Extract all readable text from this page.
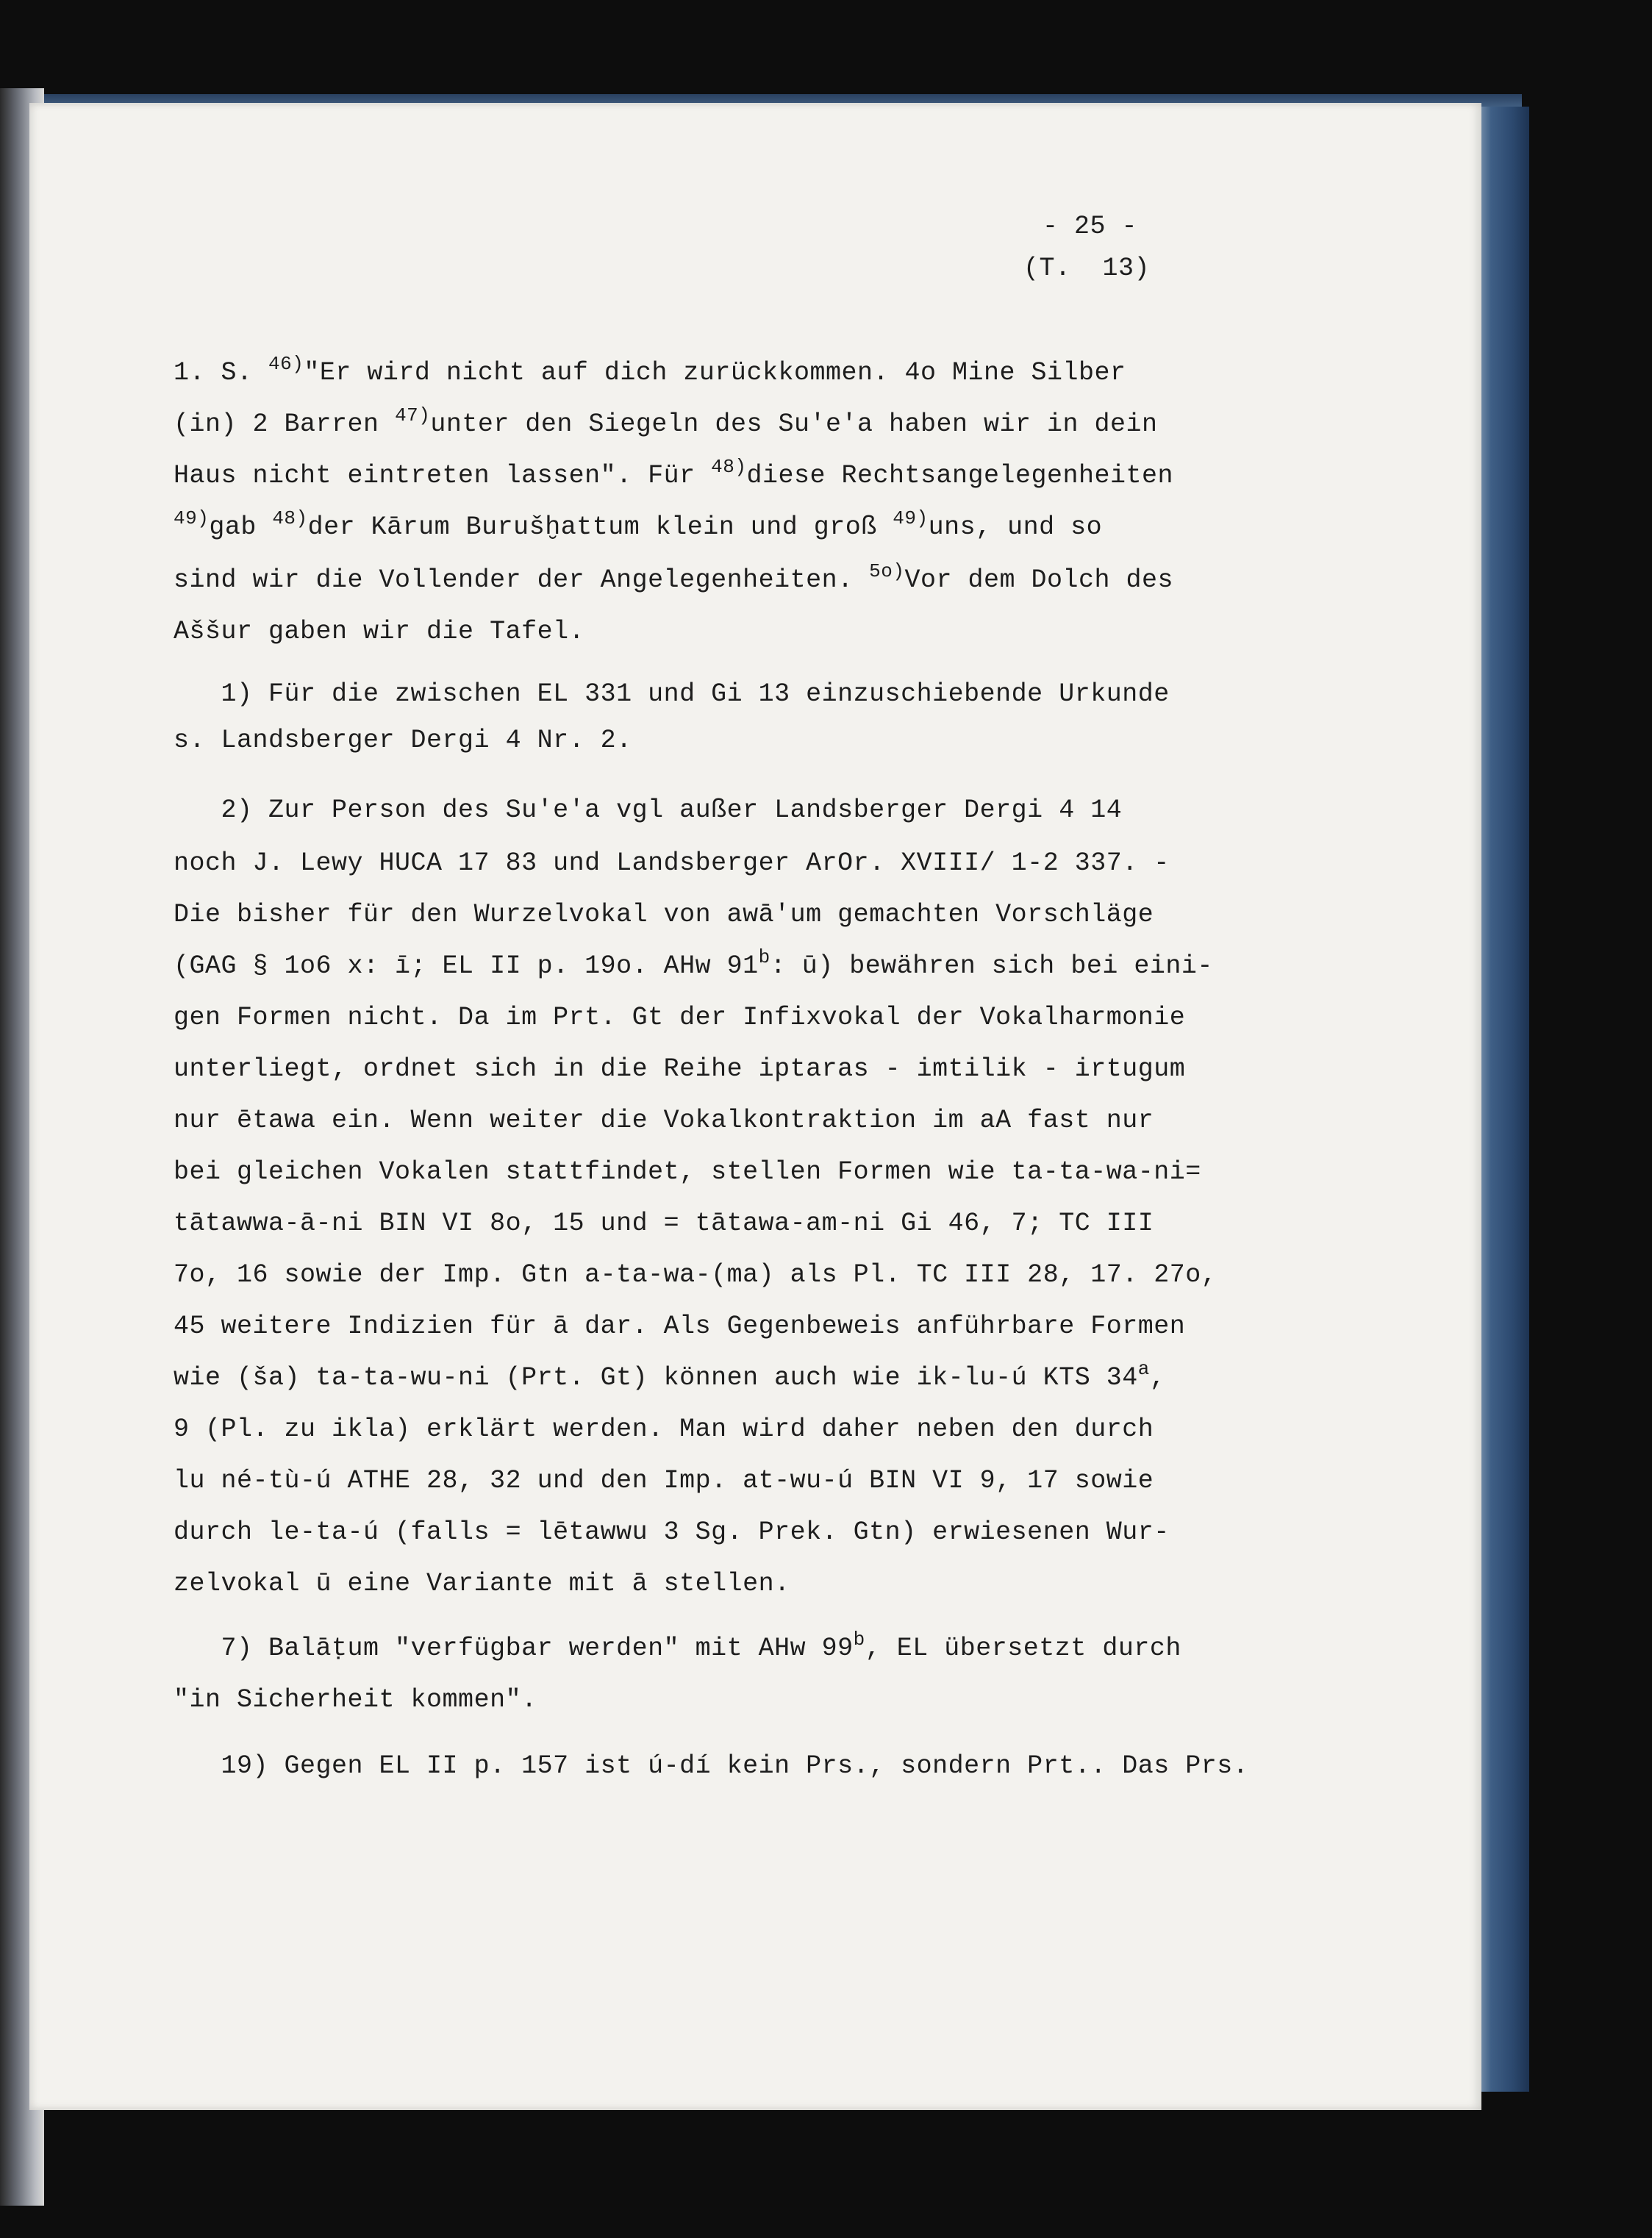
- 25 -
(T.  13)
1. S. $^{46)}$"Er wird nicht auf dich zurückkommen. 4o Mine Silber
(in) 2 Barren $^{47)}$unter den Siegeln des Su'e'a haben wir in dein
Haus nicht eintreten lassen". Für $^{48)}$diese Rechtsangelegenheiten
$^{49)}$gab $^{48)}$der Kārum Burušḫattum klein und groß $^{49)}$uns, und so
sind wir die Vollender der Angelegenheiten. $^{5o)}$Vor dem Dolch des
Aššur gaben wir die Tafel.
1) Für die zwischen EL 331 und Gi 13 einzuschiebende Urkunde
s. Landsberger Dergi 4 Nr. 2.
2) Zur Person des Su'e'a vgl außer Landsberger Dergi 4 14
noch J. Lewy HUCA 17 83 und Landsberger ArOr. XVIII/ 1-2 337. -
Die bisher für den Wurzelvokal von awā'um gemachten Vorschläge
(GAG § 1o6 x: ī; EL II p. 19o. AHw 91$^b$: ū) bewähren sich bei eini-
gen Formen nicht. Da im Prt. Gt der Infixvokal der Vokalharmonie
unterliegt, ordnet sich in die Reihe iptaras - imtilik - irtugum
nur ētawa ein. Wenn weiter die Vokalkontraktion im aA fast nur
bei gleichen Vokalen stattfindet, stellen Formen wie ta-ta-wa-ni=
tātawwa-ā-ni BIN VI 8o, 15 und = tātawa-am-ni Gi 46, 7; TC III
7o, 16 sowie der Imp. Gtn a-ta-wa-(ma) als Pl. TC III 28, 17. 27o,
45 weitere Indizien für ā dar. Als Gegenbeweis anführbare Formen
wie (ša) ta-ta-wu-ni (Prt. Gt) können auch wie ik-lu-ú KTS 34$^a$,
9 (Pl. zu ikla) erklärt werden. Man wird daher neben den durch
lu né-tù-ú ATHE 28, 32 und den Imp. at-wu-ú BIN VI 9, 17 sowie
durch le-ta-ú (falls = lētawwu 3 Sg. Prek. Gtn) erwiesenen Wur-
zelvokal ū eine Variante mit ā stellen.
7) Balāṭum "verfügbar werden" mit AHw 99$^b$, EL übersetzt durch
"in Sicherheit kommen".
19) Gegen EL II p. 157 ist ú-dí kein Prs., sondern Prt.. Das Prs.
